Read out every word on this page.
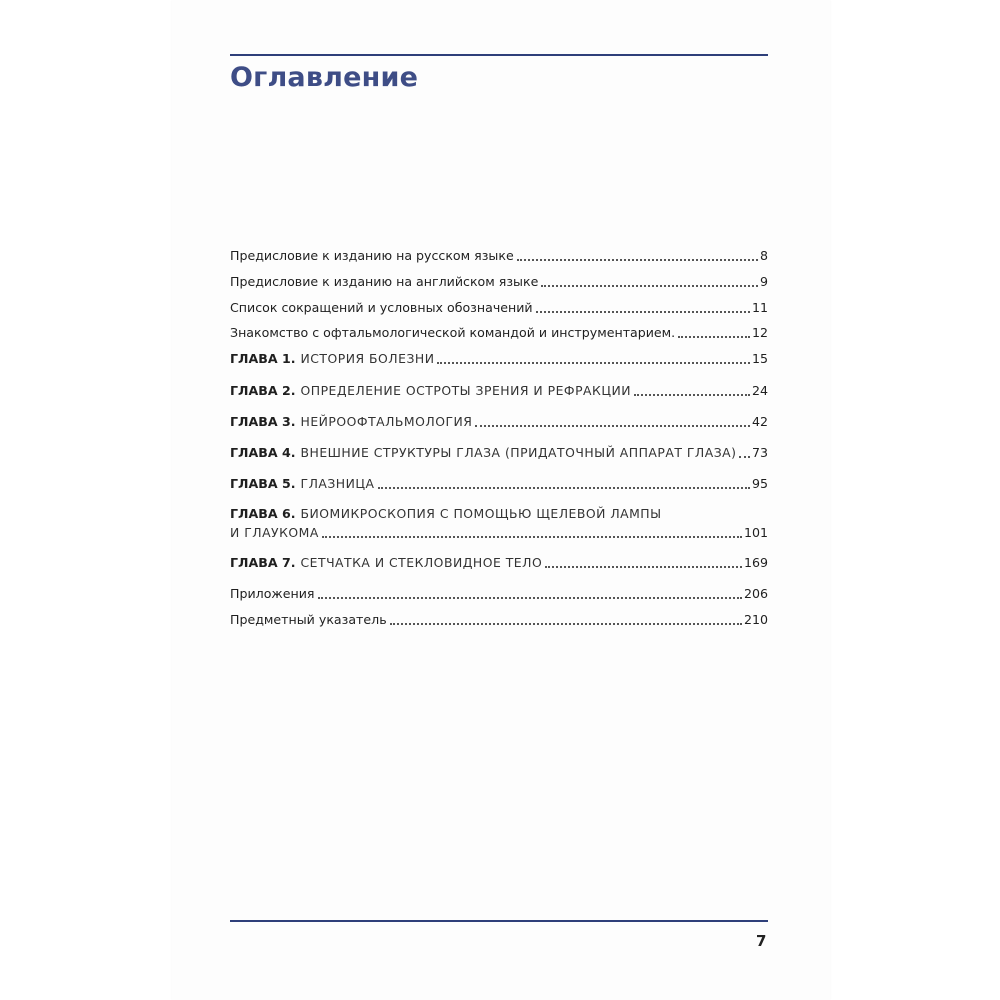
Оглавление
Предисловие к изданию на русском языке	8
Предисловие к изданию на английском языке	9
Список сокращений и условных обозначений	11
Знакомство с офтальмологической командой и инструментарием.	12
ГЛАВА 1. ИСТОРИЯ БОЛЕЗНИ	15
ГЛАВА 2. ОПРЕДЕЛЕНИЕ ОСТРОТЫ ЗРЕНИЯ И РЕФРАКЦИИ	24
ГЛАВА 3. НЕЙРООФТАЛЬМОЛОГИЯ	42
ГЛАВА 4. ВНЕШНИЕ СТРУКТУРЫ ГЛАЗА (ПРИДАТОЧНЫЙ АППАРАТ ГЛАЗА) 73
ГЛАВА 5. ГЛАЗНИЦА	95
ГЛАВА 6. БИОМИКРОСКОПИЯ С ПОМОЩЬЮ ЩЕЛЕВОЙ ЛАМПЫ
И ГЛАУКОМА	101
ГЛАВА 7. СЕТЧАТКА И СТЕКЛОВИДНОЕ ТЕЛО	169
Приложения	206
Предметный указатель	210
7
